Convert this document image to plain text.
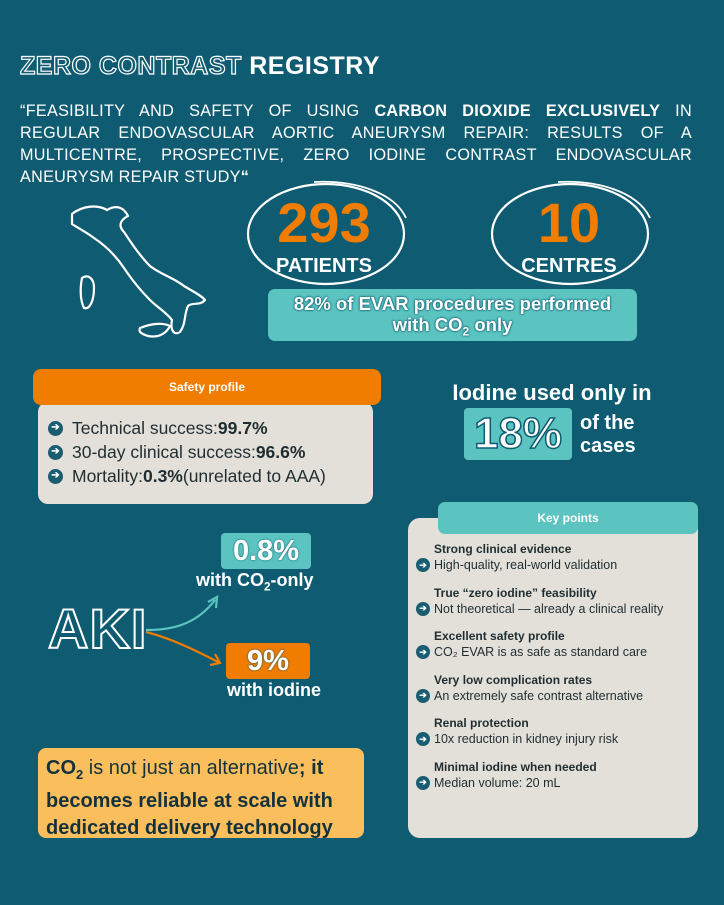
ZERO CONTRAST REGISTRY
“FEASIBILITY AND SAFETY OF USING CARBON DIOXIDE EXCLUSIVELY IN REGULAR ENDOVASCULAR AORTIC ANEURYSM REPAIR: RESULTS OF A MULTICENTRE, PROSPECTIVE, ZERO IODINE CONTRAST ENDOVASCULAR ANEURYSM REPAIR STUDY“
293
PATIENTS
10
CENTRES
82% of EVAR procedures performed
with $CO_2$ only
Safety profile
➔ Technical success: 99.7%
➔ 30-day clinical success: 96.6%
➔ Mortality: 0.3% (unrelated to AAA)
Iodine used only in
18% of the
cases
AKI
0.8%
with $CO_2$-only
9%
with iodine
$CO_2$ is not just an alternative; it becomes reliable at scale with dedicated delivery technology
Key points
Strong clinical evidence
➔ High-quality, real-world validation
True “zero iodine” feasibility
➔ Not theoretical — already a clinical reality
Excellent safety profile
➔ CO₂ EVAR is as safe as standard care
Very low complication rates
➔ An extremely safe contrast alternative
Renal protection
➔ 10x reduction in kidney injury risk
Minimal iodine when needed
➔ Median volume: 20 mL
